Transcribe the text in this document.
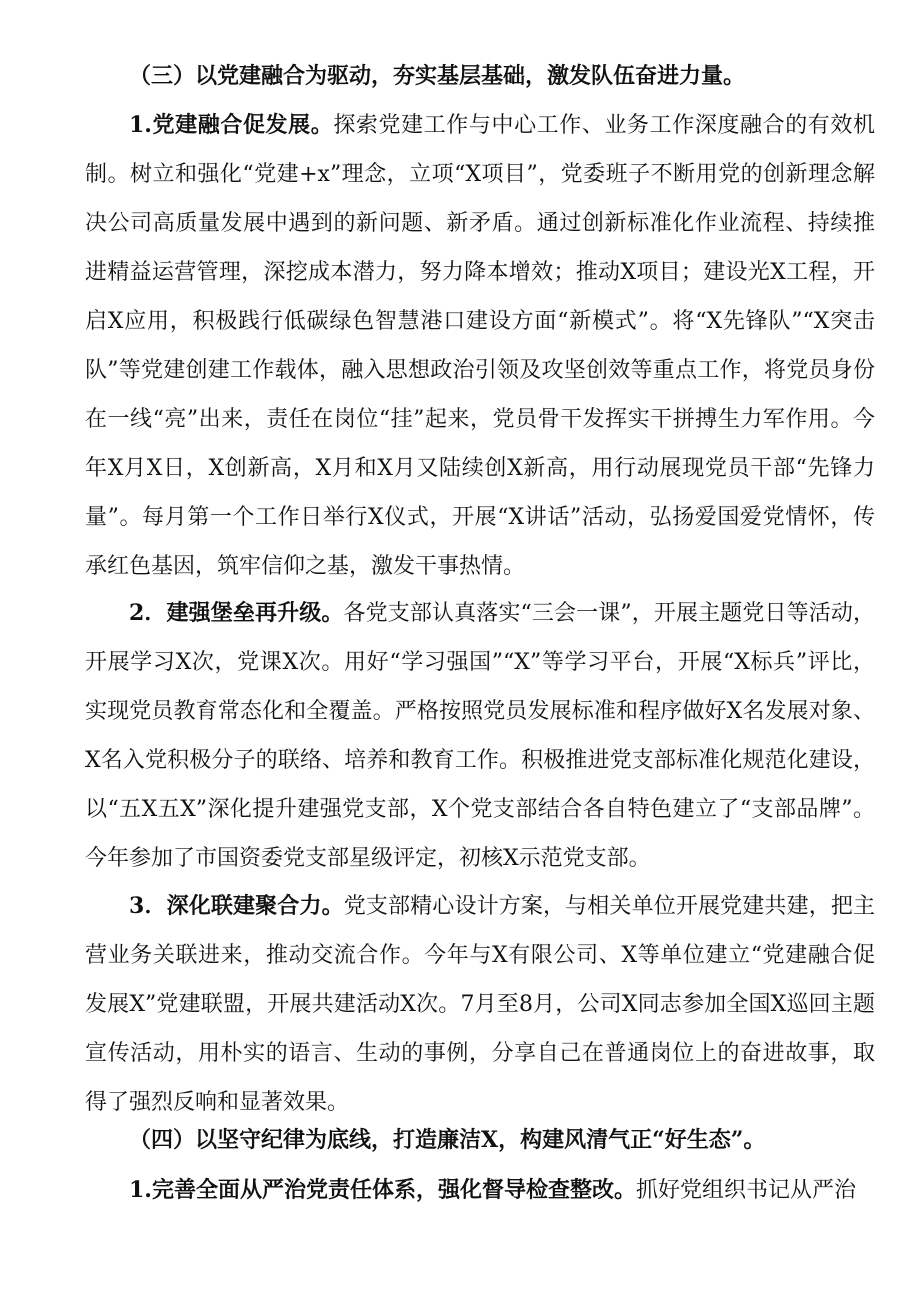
（三）以党建融合为驱动，夯实基层基础，激发队伍奋进力量。

1.党建融合促发展。探索党建工作与中心工作、业务工作深度融合的有效机制。树立和强化“党建+x”理念，立项“X项目”，党委班子不断用党的创新理念解决公司高质量发展中遇到的新问题、新矛盾。通过创新标准化作业流程、持续推进精益运营管理，深挖成本潜力，努力降本增效；推动X项目；建设光X工程，开启X应用，积极践行低碳绿色智慧港口建设方面“新模式”。将“X先锋队”“X突击队”等党建创建工作载体，融入思想政治引领及攻坚创效等重点工作，将党员身份在一线“亮”出来，责任在岗位“挂”起来，党员骨干发挥实干拼搏生力军作用。今年X月X日，X创新高，X月和X月又陆续创X新高，用行动展现党员干部“先锋力量”。每月第一个工作日举行X仪式，开展“X讲话”活动，弘扬爱国爱党情怀，传承红色基因，筑牢信仰之基，激发干事热情。

2．建强堡垒再升级。各党支部认真落实“三会一课”，开展主题党日等活动，开展学习X次，党课X次。用好“学习强国”“X”等学习平台，开展“X标兵”评比，实现党员教育常态化和全覆盖。严格按照党员发展标准和程序做好X名发展对象、X名入党积极分子的联络、培养和教育工作。积极推进党支部标准化规范化建设，以“五X五X”深化提升建强党支部，X个党支部结合各自特色建立了“支部品牌”。今年参加了市国资委党支部星级评定，初核X示范党支部。

3．深化联建聚合力。党支部精心设计方案，与相关单位开展党建共建，把主营业务关联进来，推动交流合作。今年与X有限公司、X等单位建立“党建融合促发展X”党建联盟，开展共建活动X次。7月至8月，公司X同志参加全国X巡回主题宣传活动，用朴实的语言、生动的事例，分享自己在普通岗位上的奋进故事，取得了强烈反响和显著效果。

（四）以坚守纪律为底线，打造廉洁X，构建风清气正“好生态”。

1.完善全面从严治党责任体系，强化督导检查整改。抓好党组织书记从严治
